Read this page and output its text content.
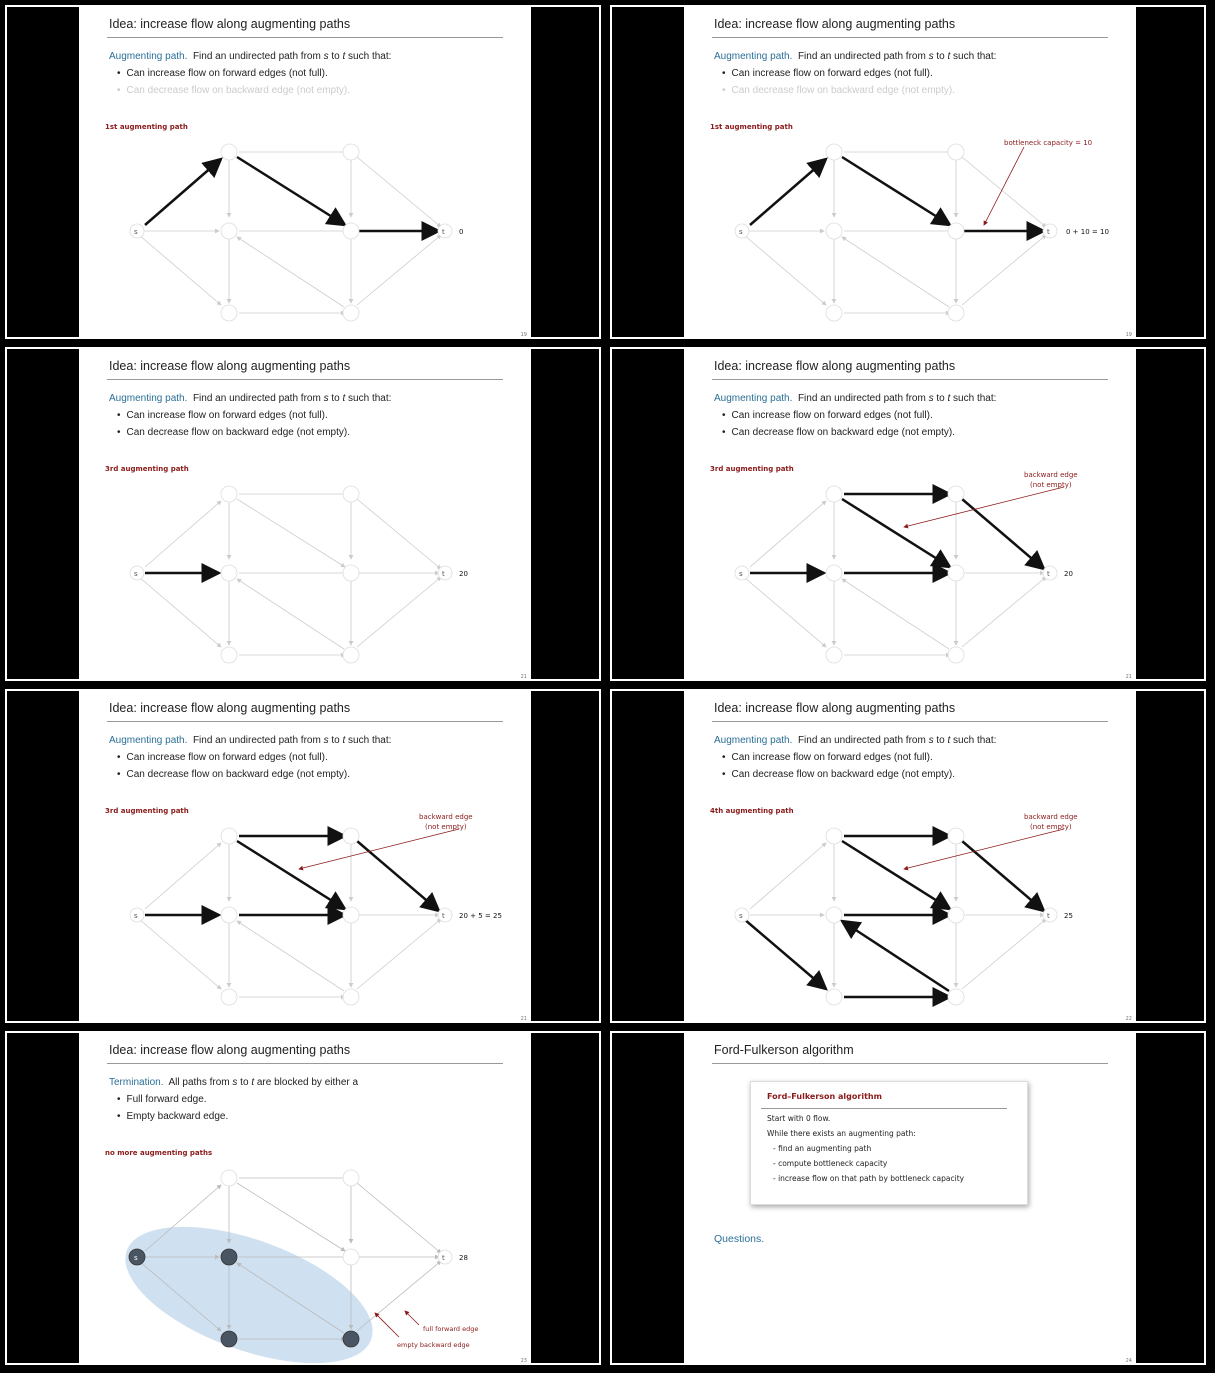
Idea: increase flow along augmenting paths
Augmenting path. Find an undirected path from s to t such that:
• Can increase flow on forward edges (not full).
• Can decrease flow on backward edge (not empty).
1st augmenting path
s	t 0
19
Idea: increase flow along augmenting paths
Augmenting path. Find an undirected path from s to t such that:
• Can increase flow on forward edges (not full).
• Can decrease flow on backward edge (not empty).
1st augmenting path
s	t
bottleneck capacity = 10
0 + 10 = 10
19
Idea: increase flow along augmenting paths
Augmenting path. Find an undirected path from s to t such that:
• Can increase flow on forward edges (not full).
• Can decrease flow on backward edge (not empty).
3rd augmenting path
s	t 20
21
Idea: increase flow along augmenting paths
Augmenting path. Find an undirected path from s to t such that:
• Can increase flow on forward edges (not full).
• Can decrease flow on backward edge (not empty).
3rd augmenting path
s	t
backward edge
(not empty)
20
21
Idea: increase flow along augmenting paths
Augmenting path. Find an undirected path from s to t such that:
• Can increase flow on forward edges (not full).
• Can decrease flow on backward edge (not empty).
3rd augmenting path
s	t
backward edge
(not empty)
20 + 5 = 25
21
Idea: increase flow along augmenting paths
Augmenting path. Find an undirected path from s to t such that:
• Can increase flow on forward edges (not full).
• Can decrease flow on backward edge (not empty).
4th augmenting path
s	t
backward edge
(not empty)
25
22
Idea: increase flow along augmenting paths
Termination. All paths from s to t are blocked by either a
• Full forward edge.
• Empty backward edge.
no more augmenting paths
s	t 28
full forward edge
empty backward edge
23
Ford-Fulkerson algorithm
Ford–Fulkerson algorithm
Start with 0 flow.
While there exists an augmenting path:
- find an augmenting path
- compute bottleneck capacity
- increase flow on that path by bottleneck capacity
Questions.
24
